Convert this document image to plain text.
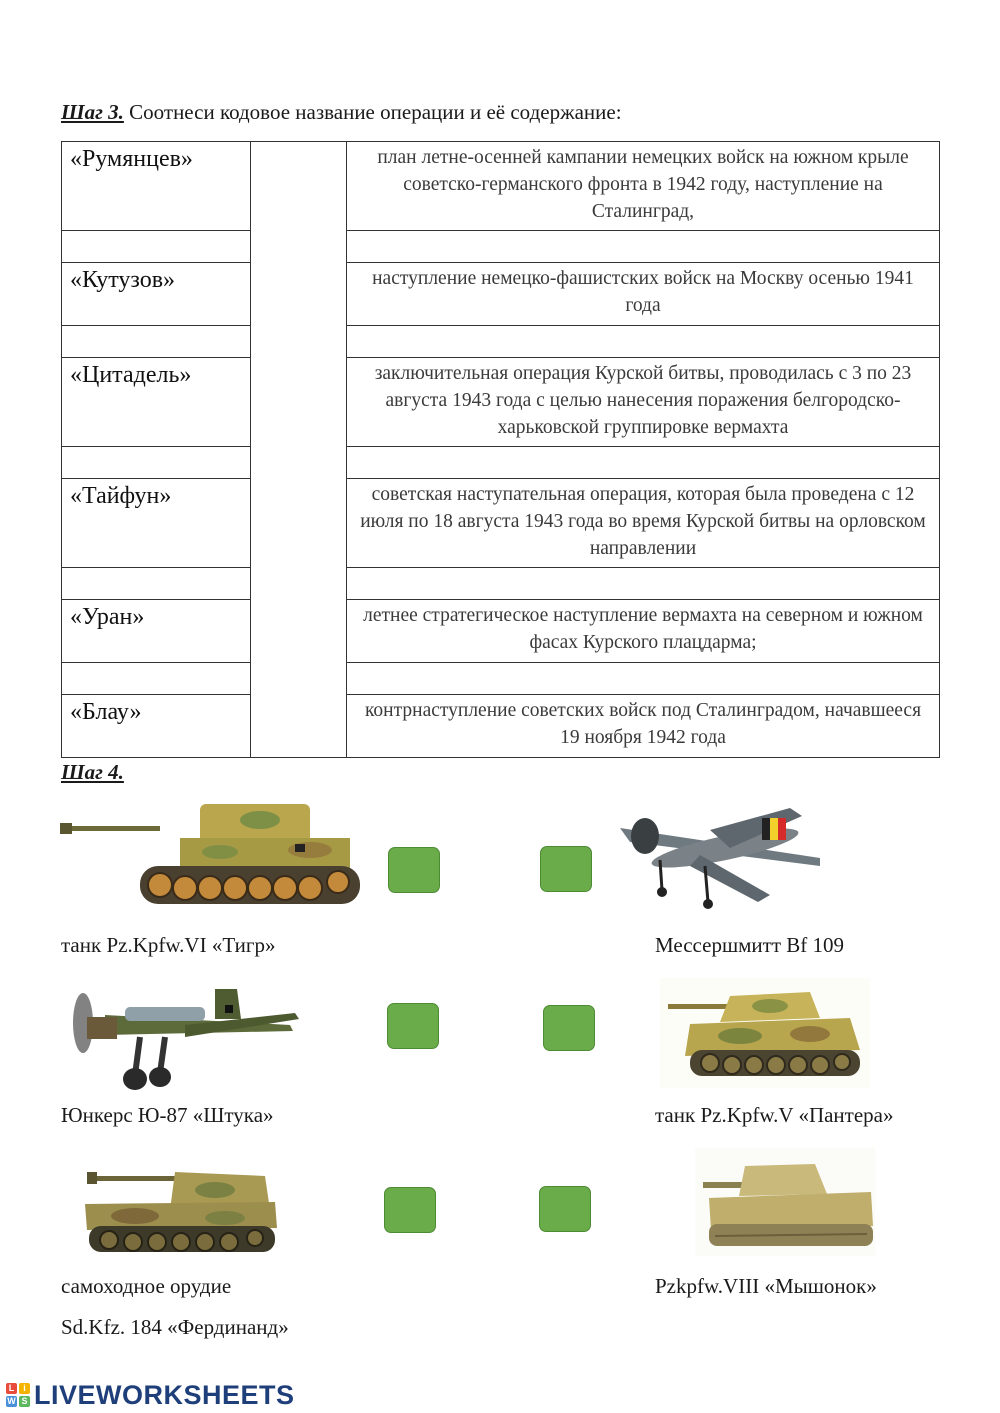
Шаг 3. Соотнеси кодовое название операции и её содержание:
«Румянцев»		план летне-осенней кампании немецких войск на южном крыле советско-германского фронта в 1942 году, наступление на Сталинград,

«Кутузов»		наступление немецко-фашистских войск на Москву осенью 1941 года

«Цитадель»		заключительная операция Курской битвы, проводилась с 3 по 23 августа 1943 года с целью нанесения поражения белгородско-харьковской группировке вермахта

«Тайфун»		советская наступательная операция, которая была проведена с 12 июля по 18 августа 1943 года во время Курской битвы на орловском направлении

«Уран»		летнее стратегическое наступление вермахта на северном и южном фасах Курского плацдарма;

«Блау»		контрнаступление советских войск под Сталинградом, начавшееся 19 ноября 1942 года
Шаг 4.
танк Pz.Kpfw.VI «Тигр»	Мессершмитт Bf 109
Юнкерс Ю-87 «Штука»	танк Pz.Kpfw.V «Пантера»
самоходное орудие
Sd.Kfz. 184 «Фердинанд»
Pzkpfw.VIII «Мышонок»
L i
W S LIVEWORKSHEETS
